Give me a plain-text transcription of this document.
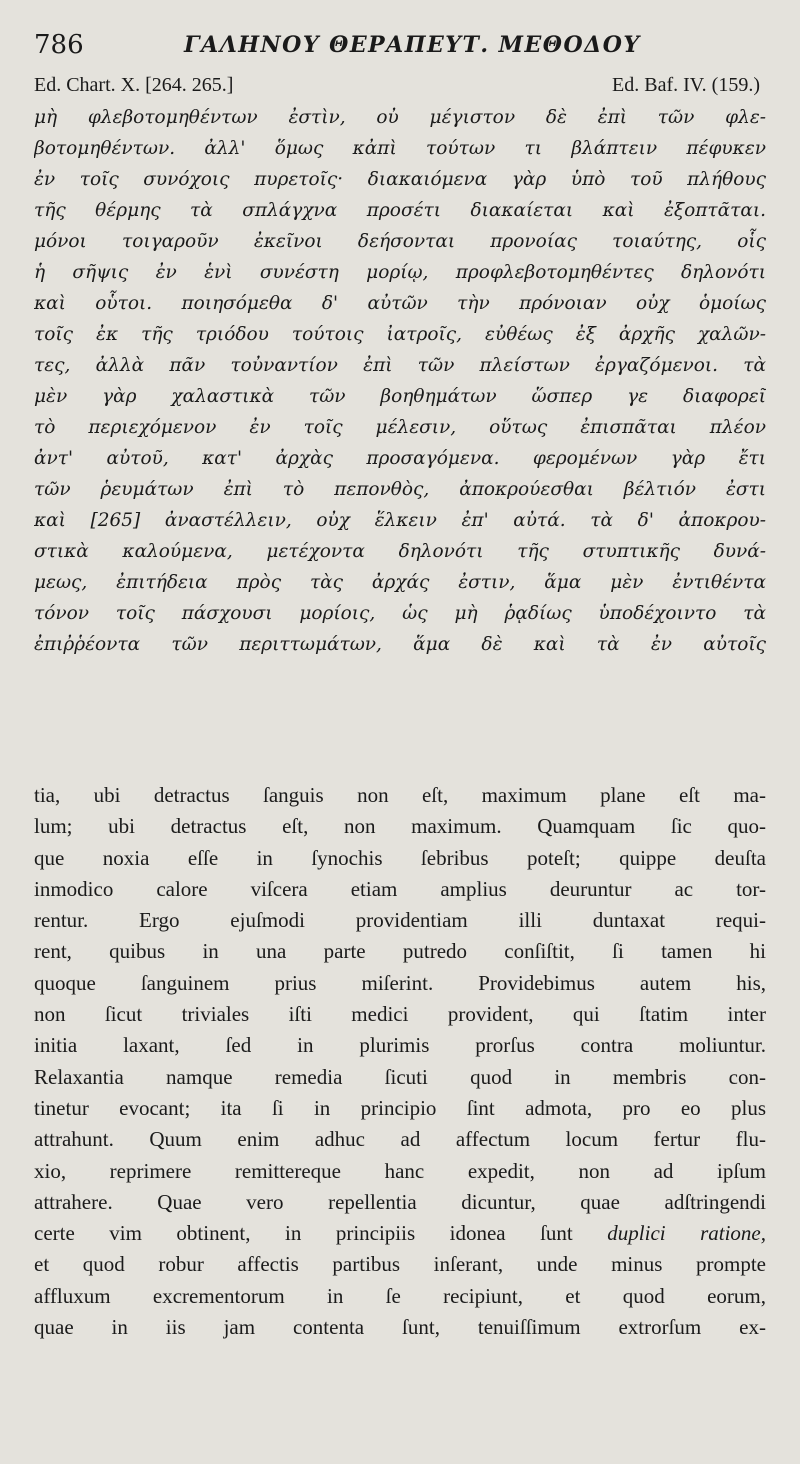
786	ΓΑΛΗΝΟΥ ΘΕΡΑΠΕΥΤ. ΜΕΘΟΔΟΥ
Ed. Chart. X. [264. 265.]	Ed. Baf. IV. (159.)
μὴ φλεβοτομηθέντων ἐστὶν, οὐ μέγιστον δὲ ἐπὶ τῶν φλε-
βοτομηθέντων. ἀλλ' ὅμως κἀπὶ τούτων τι βλάπτειν πέφυκεν
ἐν τοῖς συνόχοις πυρετοῖς· διακαιόμενα γὰρ ὑπὸ τοῦ πλήθους
τῆς θέρμης τὰ σπλάγχνα προσέτι διακαίεται καὶ ἐξοπτᾶται.
μόνοι τοιγαροῦν ἐκεῖνοι δεήσονται προνοίας τοιαύτης, οἷς
ἡ σῆψις ἐν ἑνὶ συνέστη μορίῳ, προφλεβοτομηθέντες δηλονότι
καὶ οὗτοι. ποιησόμεθα δ' αὐτῶν τὴν πρόνοιαν οὐχ ὁμοίως
τοῖς ἐκ τῆς τριόδου τούτοις ἰατροῖς, εὐθέως ἐξ ἀρχῆς χαλῶν-
τες, ἀλλὰ πᾶν τοὐναντίον ἐπὶ τῶν πλείστων ἐργαζόμενοι. τὰ
μὲν γὰρ χαλαστικὰ τῶν βοηθημάτων ὥσπερ γε διαφορεῖ
τὸ περιεχόμενον ἐν τοῖς μέλεσιν, οὕτως ἐπισπᾶται πλέον
ἀντ' αὐτοῦ, κατ' ἀρχὰς προσαγόμενα. φερομένων γὰρ ἔτι
τῶν ῥευμάτων ἐπὶ τὸ πεπονθὸς, ἀποκρούεσθαι βέλτιόν ἐστι
καὶ [265] ἀναστέλλειν, οὐχ ἕλκειν ἐπ' αὐτά. τὰ δ' ἀποκρου-
στικὰ καλούμενα, μετέχοντα δηλονότι τῆς στυπτικῆς δυνά-
μεως, ἐπιτήδεια πρὸς τὰς ἀρχάς ἐστιν, ἅμα μὲν ἐντιθέντα
τόνον τοῖς πάσχουσι μορίοις, ὡς μὴ ῥᾳδίως ὑποδέχοιντο τὰ
ἐπιῤῥέοντα τῶν περιττωμάτων, ἅμα δὲ καὶ τὰ ἐν αὐτοῖς
tia, ubi detractus ſanguis non eſt, maximum plane eſt ma-
lum; ubi detractus eſt, non maximum. Quamquam ſic quo-
que noxia eſſe in ſynochis ſebribus poteſt; quippe deuſta
inmodico calore viſcera etiam amplius deuruntur ac tor-
rentur. Ergo ejuſmodi providentiam illi duntaxat requi-
rent, quibus in una parte putredo conſiſtit, ſi tamen hi
quoque ſanguinem prius miſerint. Providebimus autem his,
non ſicut triviales iſti medici provident, qui ſtatim inter
initia laxant, ſed in plurimis prorſus contra moliuntur.
Relaxantia namque remedia ſicuti quod in membris con-
tinetur evocant; ita ſi in principio ſint admota, pro eo plus
attrahunt. Quum enim adhuc ad affectum locum fertur flu-
xio, reprimere remittereque hanc expedit, non ad ipſum
attrahere. Quae vero repellentia dicuntur, quae adſtringendi
certe vim obtinent, in principiis idonea ſunt duplici ratione,
et quod robur affectis partibus inſerant, unde minus prompte
affluxum excrementorum in ſe recipiunt, et quod eorum,
quae in iis jam contenta ſunt, tenuiſſimum extrorſum ex-
